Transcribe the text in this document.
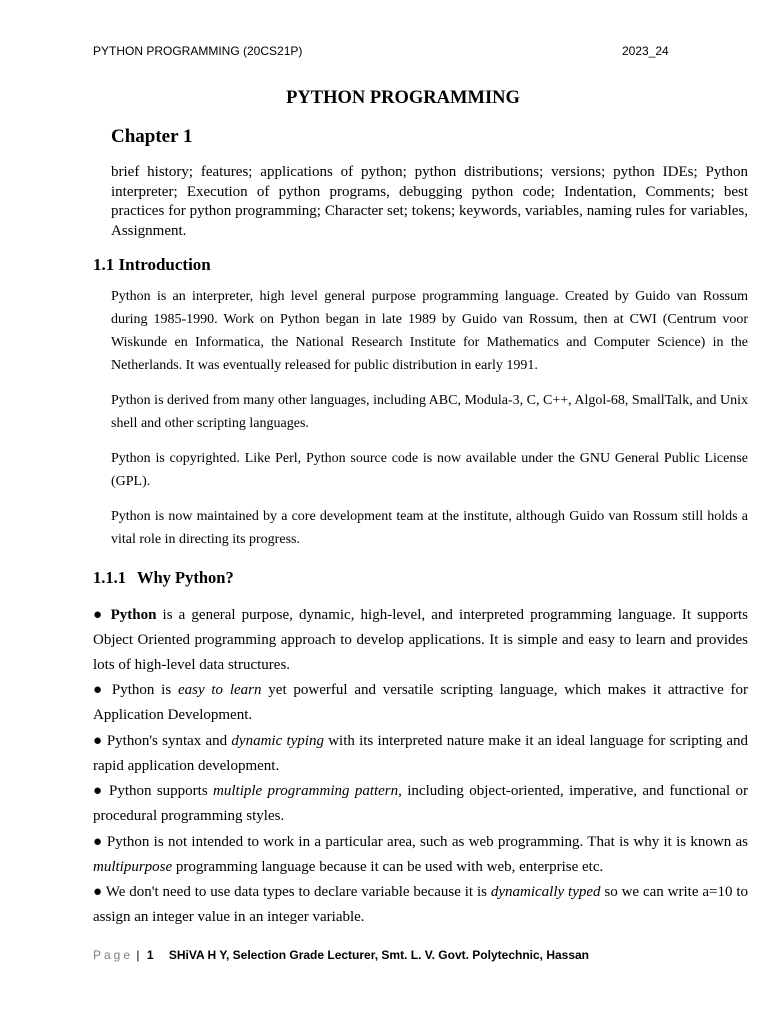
PYTHON PROGRAMMING (20CS21P)	2023_24
PYTHON PROGRAMMING
Chapter 1
brief history; features; applications of python; python distributions; versions; python IDEs; Python interpreter; Execution of python programs, debugging python code; Indentation, Comments; best practices for python programming; Character set; tokens; keywords, variables, naming rules for variables, Assignment.
1.1 Introduction
Python is an interpreter, high level general purpose programming language. Created by Guido van Rossum during 1985-1990. Work on Python began in late 1989 by Guido van Rossum, then at CWI (Centrum voor Wiskunde en Informatica, the National Research Institute for Mathematics and Computer Science) in the Netherlands. It was eventually released for public distribution in early 1991.
Python is derived from many other languages, including ABC, Modula-3, C, C++, Algol-68, SmallTalk, and Unix shell and other scripting languages.
Python is copyrighted. Like Perl, Python source code is now available under the GNU General Public License (GPL).
Python is now maintained by a core development team at the institute, although Guido van Rossum still holds a vital role in directing its progress.
1.1.1 Why Python?
● Python is a general purpose, dynamic, high-level, and interpreted programming language. It supports Object Oriented programming approach to develop applications. It is simple and easy to learn and provides lots of high-level data structures.
● Python is easy to learn yet powerful and versatile scripting language, which makes it attractive for Application Development.
● Python's syntax and dynamic typing with its interpreted nature make it an ideal language for scripting and rapid application development.
● Python supports multiple programming pattern, including object-oriented, imperative, and functional or procedural programming styles.
● Python is not intended to work in a particular area, such as web programming. That is why it is known as multipurpose programming language because it can be used with web, enterprise etc.
● We don't need to use data types to declare variable because it is dynamically typed so we can write a=10 to assign an integer value in an integer variable.
Page | 1 SHiVA H Y, Selection Grade Lecturer, Smt. L. V. Govt. Polytechnic, Hassan
